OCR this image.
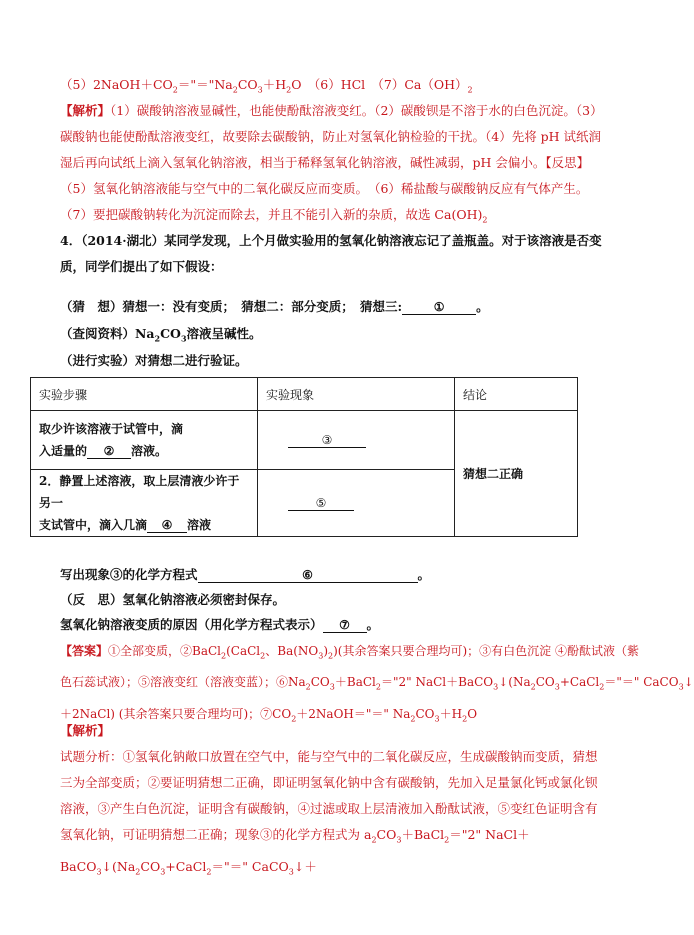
$(5)2NaOH+CO_2="="Na_2CO_3+H_2O$　（6）HCl　$(7)Ca(OH)_2$
【解析】（1）碳酸钠溶液显碱性，也能使酚酞溶液变红。（2）碳酸钡是不溶于水的白色沉淀。（3）碳酸钠也能使酚酞溶液变红，故要除去碳酸钠，防止对氢氧化钠检验的干扰。（4）先将 pH 试纸润湿后再向试纸上滴入氢氧化钠溶液，相当于稀释氢氧化钠溶液，碱性减弱，pH 会偏小。【反思】（5）氢氧化钠溶液能与空气中的二氧化碳反应而变质。　（6）稀盐酸与碳酸钠反应有气体产生。（7）要把碳酸钠转化为沉淀而除去，并且不能引入新的杂质，故选 $Ca(OH)_2$
4．（2014·湖北）某同学发现，上个月做实验用的氢氧化钠溶液忘记了盖瓶盖。对于该溶液是否变质，同学们提出了如下假设：
（猜　想）猜想一：没有变质；　猜想二：部分变质；　猜想三:	①	。
（查阅资料）$Na_2CO_3$溶液呈碱性。
（进行实验）对猜想二进行验证。
实验步骤	实验现象	结论
取少许该溶液于试管中，滴
入适量的 ② 溶液。	③	猜想二正确
2．静置上述溶液，取上层清液少许于另一
支试管中，滴入几滴 ④ 溶液	⑤	
写出现象③的化学方程式	⑥	。
（反　思）氢氧化钠溶液必须密封保存。
氢氧化钠溶液变质的原因（用化学方程式表示） ⑦ 。
【答案】①全部变质，②BaCl$_2$(CaCl$_2$、$Ba(NO_3)_2$)(其余答案只要合理均可)；③有白色沉淀 ④酚酞试液（紫
色石蕊试液）；⑤溶液变红（溶液变蓝）；$⑥Na_2CO_3+BaCl_2="2$" $NaCl+BaCO_3↓(Na_2CO_3+CaCl_2="=$" CaCO$_3$↓
＋2NaCl) (其余答案只要合理均可)；$⑦CO_2+2NaOH="=$" $Na_2CO_3+H_2O$
【解析】
试题分析：①氢氧化钠敞口放置在空气中，能与空气中的二氧化碳反应，生成碳酸钠而变质，猜想三为全部变质；②要证明猜想二正确，即证明氢氧化钠中含有碳酸钠，先加入足量氯化钙或氯化钡溶液，③产生白色沉淀，证明含有碳酸钠，④过滤或取上层清液加入酚酞试液，⑤变红色证明含有氢氧化钠，可证明猜想二正确；现象③的化学方程式为 $a_2CO_3+BaCl_2="2$" $NaCl+BaCO_3↓(Na_2CO_3+CaCl_2="=$" CaCO$_3$↓＋
